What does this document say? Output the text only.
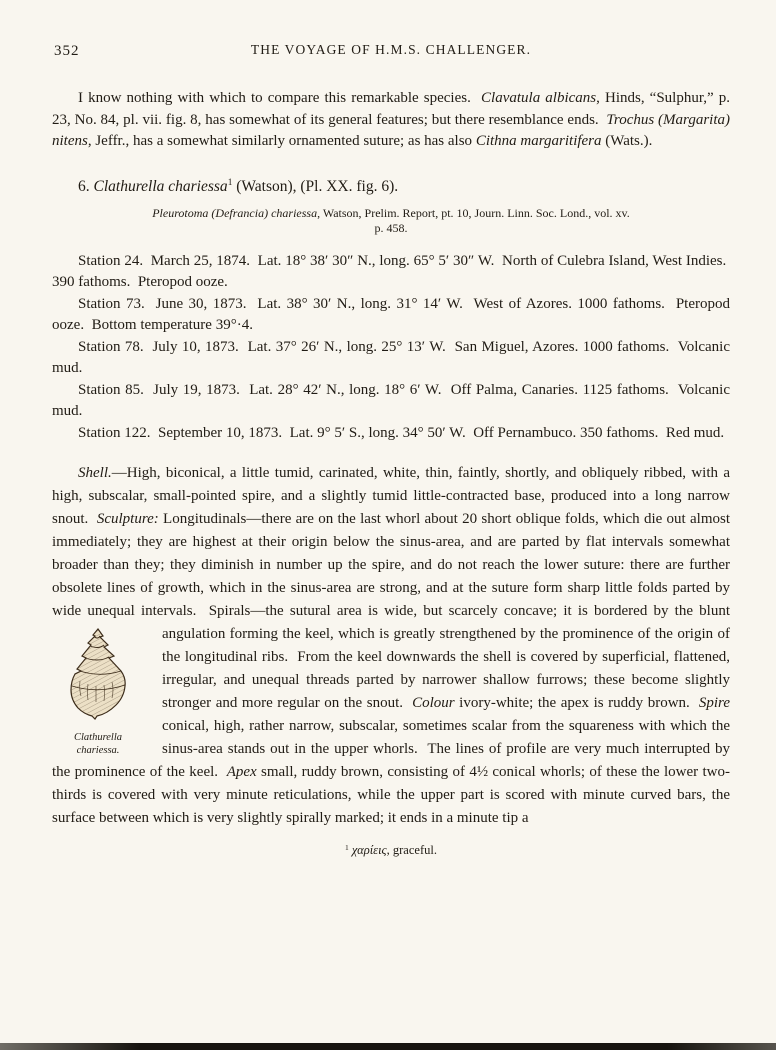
352	THE VOYAGE OF H.M.S. CHALLENGER.

I know nothing with which to compare this remarkable species.  Clavatula albicans, Hinds, “Sulphur,” p. 23, No. 84, pl. vii. fig. 8, has somewhat of its general features; but there resemblance ends.  Trochus (Margarita) nitens, Jeffr., has a somewhat similarly ornamented suture; as has also Cithna margaritifera (Wats.).

6. Clathurella chariessa$^1$ (Watson), (Pl. XX. fig. 6).

Pleurotoma (Defrancia) chariessa, Watson, Prelim. Report, pt. 10, Journ. Linn. Soc. Lond., vol. xv.
p. 458.

Station 24.  March 25, 1874.  Lat. 18° 38′ 30″ N., long. 65° 5′ 30″ W.  North of Culebra Island, West Indies.  390 fathoms.  Pteropod ooze.

Station 73.  June 30, 1873.  Lat. 38° 30′ N., long. 31° 14′ W.  West of Azores. 1000 fathoms.  Pteropod ooze.  Bottom temperature 39°·4.

Station 78.  July 10, 1873.  Lat. 37° 26′ N., long. 25° 13′ W.  San Miguel, Azores. 1000 fathoms.  Volcanic mud.

Station 85.  July 19, 1873.  Lat. 28° 42′ N., long. 18° 6′ W.  Off Palma, Canaries. 1125 fathoms.  Volcanic mud.

Station 122.  September 10, 1873.  Lat. 9° 5′ S., long. 34° 50′ W.  Off Pernambuco. 350 fathoms.  Red mud.

Shell.—High, biconical, a little tumid, carinated, white, thin, faintly, shortly, and obliquely ribbed, with a high, subscalar, small-pointed spire, and a slightly tumid little-contracted base, produced into a long narrow snout.  Sculpture: Longitudinals—there are on the last whorl about 20 short oblique folds, which die out almost immediately; they are highest at their origin below the sinus-area, and are parted by flat intervals somewhat broader than they; they diminish in number up the spire, and do not reach the lower suture: there are further obsolete lines of growth, which in the sinus-area are strong, and at the suture form sharp little folds parted by wide unequal intervals.  Spirals—the sutural area is wide, but scarcely concave; it is bordered by the blunt angulation forming the keel, which is greatly strengthened by the prominence of the
Clathurella
chariessa.
origin of the longitudinal ribs.  From the keel downwards the shell is covered by superficial, flattened, irregular, and unequal threads parted by narrower shallow furrows; these become slightly stronger and more regular on the snout.  Colour ivory-white; the apex is ruddy brown.  Spire conical, high, rather narrow, subscalar, sometimes scalar from the squareness with which the sinus-area stands out in the upper whorls.  The lines of profile are very much interrupted by the prominence of the keel.  Apex small, ruddy brown, consisting of 4½ conical whorls; of these the lower two-thirds is covered with very minute reticulations, while the upper part is scored with minute curved bars, the surface between which is very slightly spirally marked; it ends in a minute tip a
$^1$ χαρίεις, graceful.
